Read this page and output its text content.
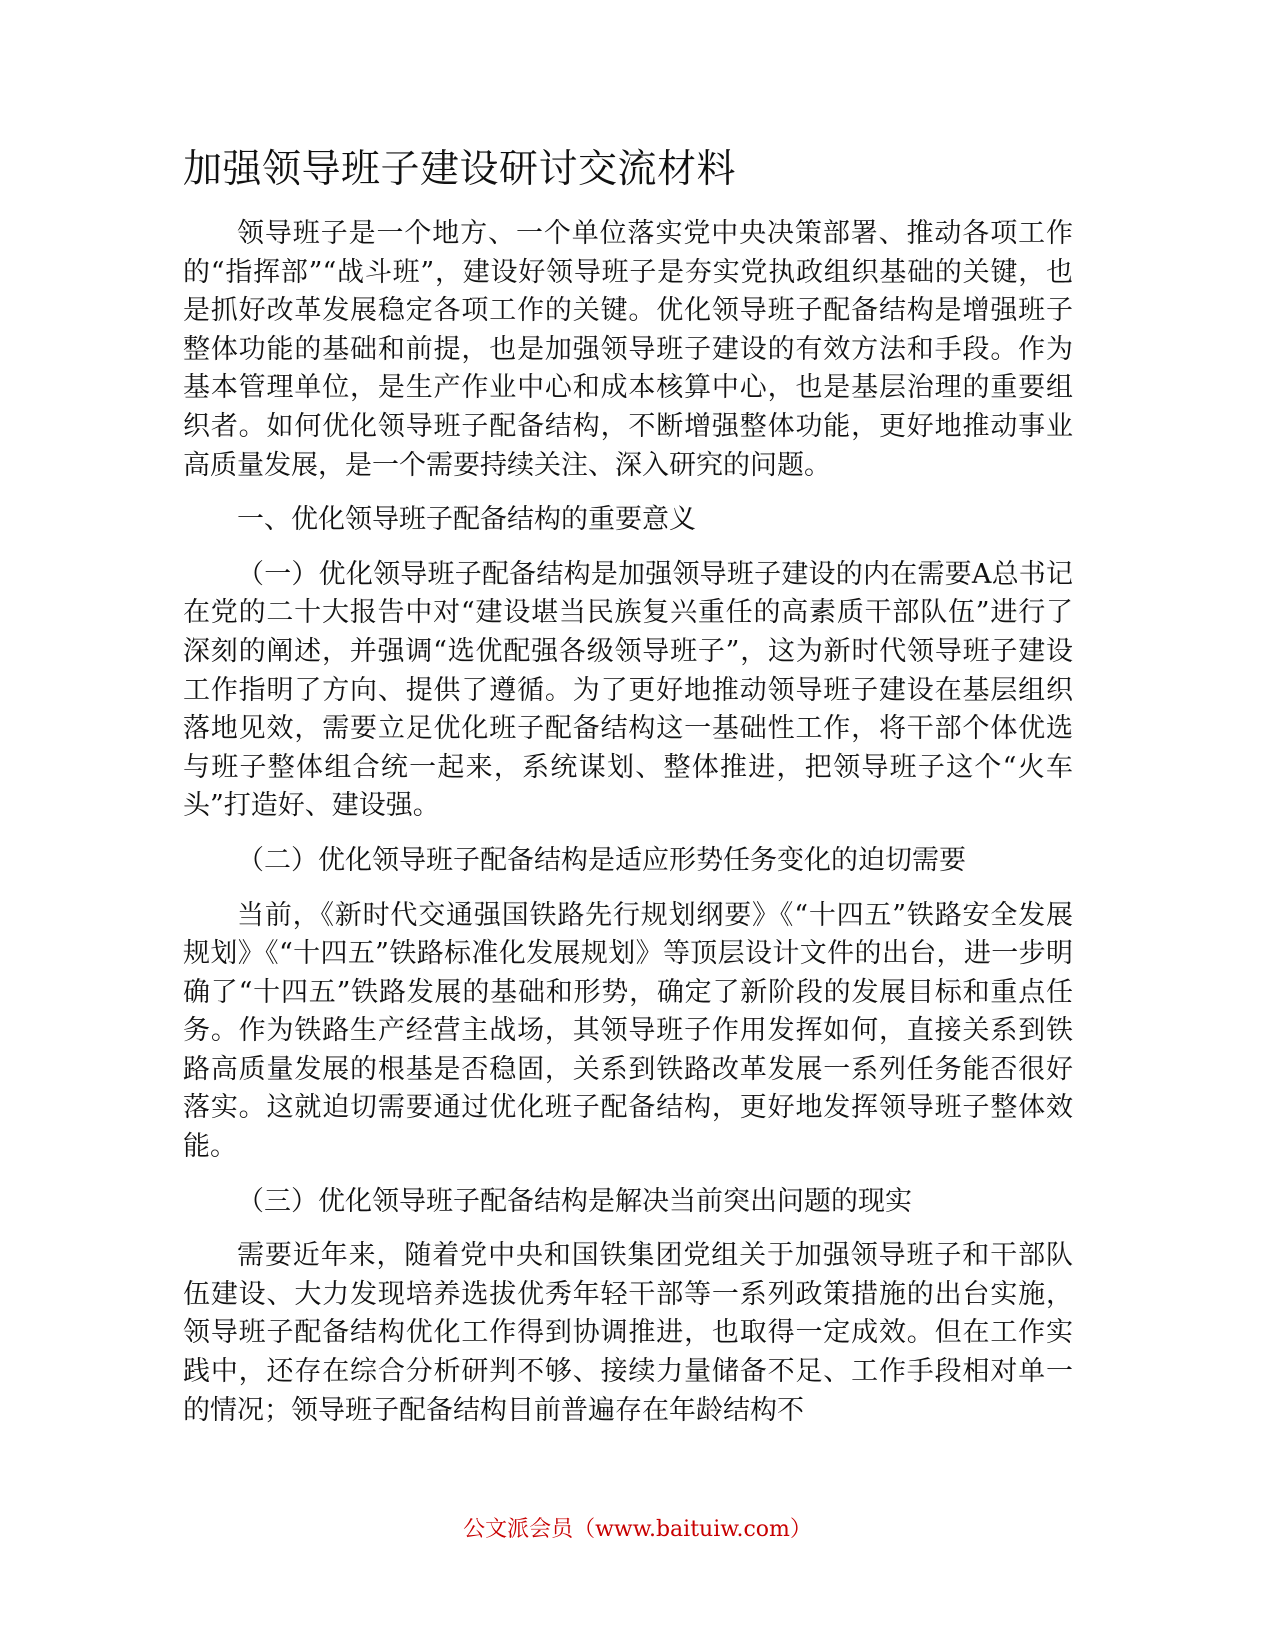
加强领导班子建设研讨交流材料

领导班子是一个地方、一个单位落实党中央决策部署、推动各项工作的“指挥部”“战斗班”，建设好领导班子是夯实党执政组织基础的关键，也是抓好改革发展稳定各项工作的关键。优化领导班子配备结构是增强班子整体功能的基础和前提，也是加强领导班子建设的有效方法和手段。作为基本管理单位，是生产作业中心和成本核算中心，也是基层治理的重要组织者。如何优化领导班子配备结构，不断增强整体功能，更好地推动事业高质量发展，是一个需要持续关注、深入研究的问题。

一、优化领导班子配备结构的重要意义

（一）优化领导班子配备结构是加强领导班子建设的内在需要A总书记在党的二十大报告中对“建设堪当民族复兴重任的高素质干部队伍”进行了深刻的阐述，并强调“选优配强各级领导班子”，这为新时代领导班子建设工作指明了方向、提供了遵循。为了更好地推动领导班子建设在基层组织落地见效，需要立足优化班子配备结构这一基础性工作，将干部个体优选与班子整体组合统一起来，系统谋划、整体推进，把领导班子这个“火车头”打造好、建设强。

（二）优化领导班子配备结构是适应形势任务变化的迫切需要

当前，《新时代交通强国铁路先行规划纲要》《“十四五”铁路安全发展规划》《“十四五”铁路标准化发展规划》等顶层设计文件的出台，进一步明确了“十四五”铁路发展的基础和形势，确定了新阶段的发展目标和重点任务。作为铁路生产经营主战场，其领导班子作用发挥如何，直接关系到铁路高质量发展的根基是否稳固，关系到铁路改革发展一系列任务能否很好落实。这就迫切需要通过优化班子配备结构，更好地发挥领导班子整体效能。

（三）优化领导班子配备结构是解决当前突出问题的现实

需要近年来，随着党中央和国铁集团党组关于加强领导班子和干部队伍建设、大力发现培养选拔优秀年轻干部等一系列政策措施的出台实施，领导班子配备结构优化工作得到协调推进，也取得一定成效。但在工作实践中，还存在综合分析研判不够、接续力量储备不足、工作手段相对单一的情况；领导班子配备结构目前普遍存在年龄结构不

公文派会员（www.baituiw.com）
